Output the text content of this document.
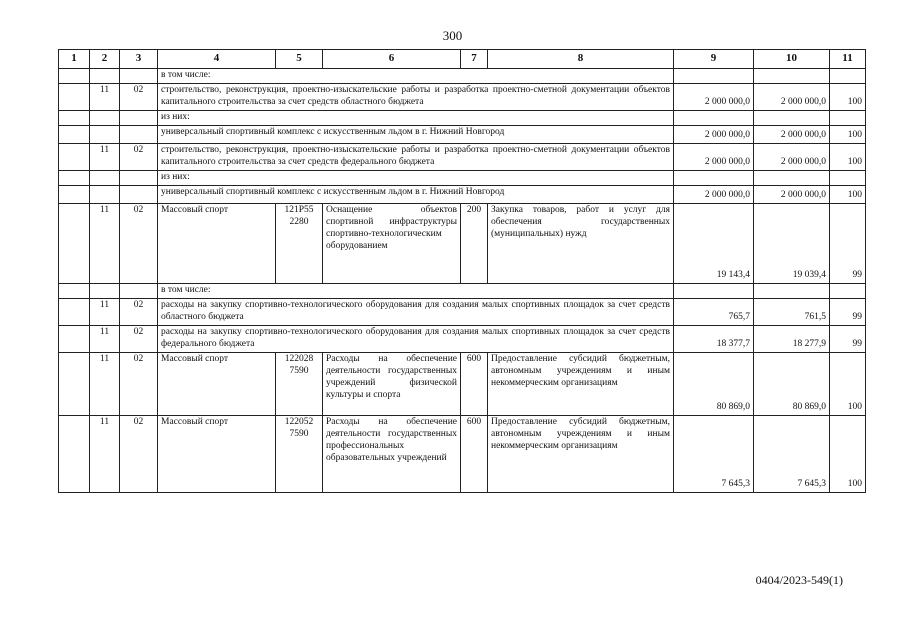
300
1	2	3	4	5	6	7	8	9	10	11
			в том числе:							
	11	02	строительство, реконструкция, проектно-изыскательские работы и разработка проектно-сметной документации объектов капитального строительства за счет средств областного бюджета					2 000 000,0	2 000 000,0	100
			из них:							
			универсальный спортивный комплекс с искусственным льдом в г. Нижний Новгород					2 000 000,0	2 000 000,0	100
	11	02	строительство, реконструкция, проектно-изыскательские работы и разработка проектно-сметной документации объектов капитального строительства за счет средств федерального бюджета					2 000 000,0	2 000 000,0	100
			из них:							
			универсальный спортивный комплекс с искусственным льдом в г. Нижний Новгород					2 000 000,0	2 000 000,0	100
	11	02	Массовый спорт	121P55 2280	Оснащение объектов спортивной инфраструктуры спортивно-технологическим оборудованием	200	Закупка товаров, работ и услуг для обеспечения государственных (муниципальных) нужд	19 143,4	19 039,4	99
			в том числе:							
	11	02	расходы на закупку спортивно-технологического оборудования для создания малых спортивных площадок за счет средств областного бюджета					765,7	761,5	99
	11	02	расходы на закупку спортивно-технологического оборудования для создания малых спортивных площадок за счет средств федерального бюджета					18 377,7	18 277,9	99
	11	02	Массовый спорт	122028 7590	Расходы на обеспечение деятельности государственных учреждений физической культуры и спорта	600	Предоставление субсидий бюджетным, автономным учреждениям и иным некоммерческим организациям	80 869,0	80 869,0	100
	11	02	Массовый спорт	122052 7590	Расходы на обеспечение деятельности государственных профессиональных образовательных учреждений	600	Предоставление субсидий бюджетным, автономным учреждениям и иным некоммерческим организациям	7 645,3	7 645,3	100
0404/2023-549(1)
